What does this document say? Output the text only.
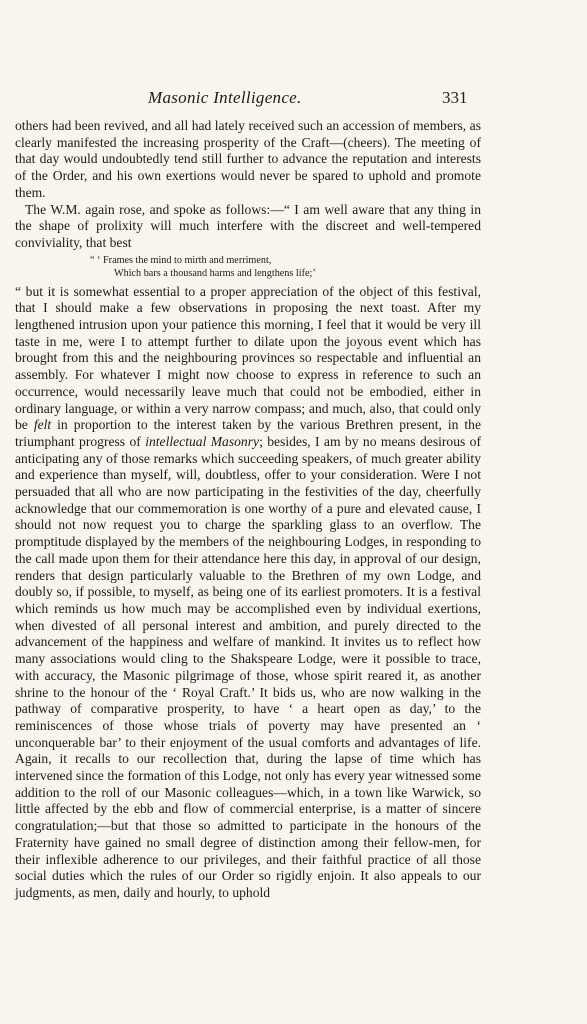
Masonic Intelligence.	331

others had been revived, and all had lately received such an accession of members, as clearly manifested the increasing prosperity of the Craft—(cheers). The meeting of that day would undoubtedly tend still further to advance the reputation and interests of the Order, and his own exertions would never be spared to uphold and promote them.

The W.M. again rose, and spoke as follows:—“ I am well aware that any thing in the shape of prolixity will much interfere with the discreet and well-tempered conviviality, that best

“ ‘ Frames the mind to mirth and merriment,
Which bars a thousand harms and lengthens life;’

“ but it is somewhat essential to a proper appreciation of the object of this festival, that I should make a few observations in proposing the next toast. After my lengthened intrusion upon your patience this morning, I feel that it would be very ill taste in me, were I to attempt further to dilate upon the joyous event which has brought from this and the neighbouring provinces so respectable and influential an assembly. For whatever I might now choose to express in reference to such an occurrence, would necessarily leave much that could not be embodied, either in ordinary language, or within a very narrow compass; and much, also, that could only be felt in proportion to the interest taken by the various Brethren present, in the triumphant progress of intellectual Masonry; besides, I am by no means desirous of anticipating any of those remarks which succeeding speakers, of much greater ability and experience than myself, will, doubtless, offer to your consideration. Were I not persuaded that all who are now participating in the festivities of the day, cheerfully acknowledge that our commemoration is one worthy of a pure and elevated cause, I should not now request you to charge the sparkling glass to an overflow. The promptitude displayed by the members of the neighbouring Lodges, in responding to the call made upon them for their attendance here this day, in approval of our design, renders that design particularly valuable to the Brethren of my own Lodge, and doubly so, if possible, to myself, as being one of its earliest promoters. It is a festival which reminds us how much may be accomplished even by individual exertions, when divested of all personal interest and ambition, and purely directed to the advancement of the happiness and welfare of mankind. It invites us to reflect how many associations would cling to the Shakspeare Lodge, were it possible to trace, with accuracy, the Masonic pilgrimage of those, whose spirit reared it, as another shrine to the honour of the ‘ Royal Craft.’ It bids us, who are now walking in the pathway of comparative prosperity, to have ‘ a heart open as day,’ to the reminiscences of those whose trials of poverty may have presented an ‘ unconquerable bar’ to their enjoyment of the usual comforts and advantages of life. Again, it recalls to our recollection that, during the lapse of time which has intervened since the formation of this Lodge, not only has every year witnessed some addition to the roll of our Masonic colleagues—which, in a town like Warwick, so little affected by the ebb and flow of commercial enterprise, is a matter of sincere congratulation;—but that those so admitted to participate in the honours of the Fraternity have gained no small degree of distinction among their fellow-men, for their inflexible adherence to our privileges, and their faithful practice of all those social duties which the rules of our Order so rigidly enjoin. It also appeals to our judgments, as men, daily and hourly, to uphold
